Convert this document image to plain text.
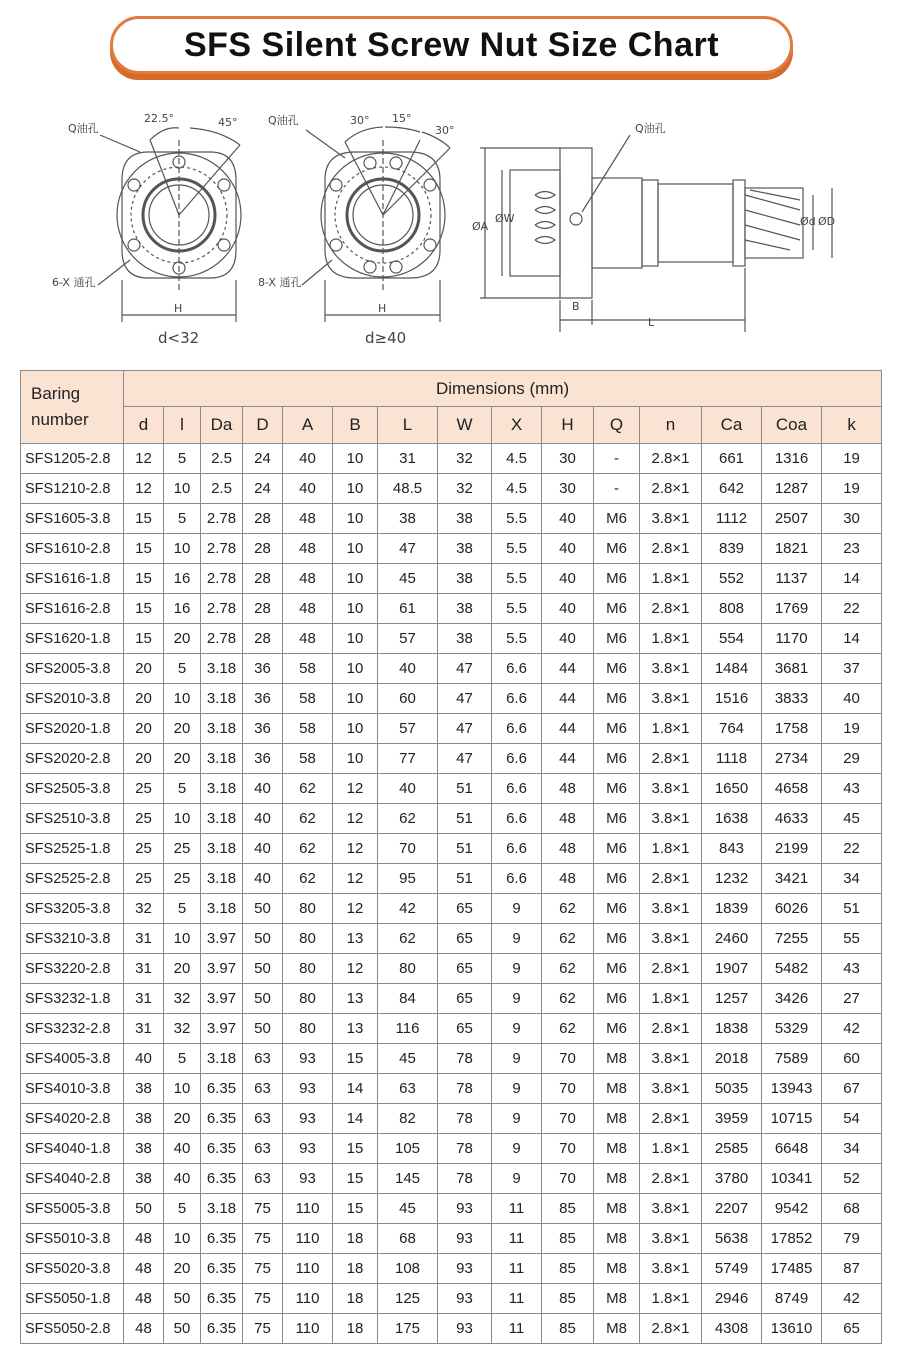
SFS Silent Screw Nut Size Chart
Q油孔
22.5°	45°
6-X 通孔
H
d<32
Q油孔	30° 15°
30°
8-X 通孔
H
d≥40
Q油孔
ØA
ØW	Ød ØD
B
L
Baring number	Dimensions (mm)														
	d	l	Da	D	A	B	L	W	X	H	Q	n	Ca	Coa	k
SFS1205-2.8	12	5	2.5	24	40	10	31	32	4.5	30	-	2.8×1	661	1316	19
SFS1210-2.8	12	10	2.5	24	40	10	48.5	32	4.5	30	-	2.8×1	642	1287	19
SFS1605-3.8	15	5	2.78	28	48	10	38	38	5.5	40	M6	3.8×1	1112	2507	30
SFS1610-2.8	15	10	2.78	28	48	10	47	38	5.5	40	M6	2.8×1	839	1821	23
SFS1616-1.8	15	16	2.78	28	48	10	45	38	5.5	40	M6	1.8×1	552	1137	14
SFS1616-2.8	15	16	2.78	28	48	10	61	38	5.5	40	M6	2.8×1	808	1769	22
SFS1620-1.8	15	20	2.78	28	48	10	57	38	5.5	40	M6	1.8×1	554	1170	14
SFS2005-3.8	20	5	3.18	36	58	10	40	47	6.6	44	M6	3.8×1	1484	3681	37
SFS2010-3.8	20	10	3.18	36	58	10	60	47	6.6	44	M6	3.8×1	1516	3833	40
SFS2020-1.8	20	20	3.18	36	58	10	57	47	6.6	44	M6	1.8×1	764	1758	19
SFS2020-2.8	20	20	3.18	36	58	10	77	47	6.6	44	M6	2.8×1	1118	2734	29
SFS2505-3.8	25	5	3.18	40	62	12	40	51	6.6	48	M6	3.8×1	1650	4658	43
SFS2510-3.8	25	10	3.18	40	62	12	62	51	6.6	48	M6	3.8×1	1638	4633	45
SFS2525-1.8	25	25	3.18	40	62	12	70	51	6.6	48	M6	1.8×1	843	2199	22
SFS2525-2.8	25	25	3.18	40	62	12	95	51	6.6	48	M6	2.8×1	1232	3421	34
SFS3205-3.8	32	5	3.18	50	80	12	42	65	9	62	M6	3.8×1	1839	6026	51
SFS3210-3.8	31	10	3.97	50	80	13	62	65	9	62	M6	3.8×1	2460	7255	55
SFS3220-2.8	31	20	3.97	50	80	12	80	65	9	62	M6	2.8×1	1907	5482	43
SFS3232-1.8	31	32	3.97	50	80	13	84	65	9	62	M6	1.8×1	1257	3426	27
SFS3232-2.8	31	32	3.97	50	80	13	116	65	9	62	M6	2.8×1	1838	5329	42
SFS4005-3.8	40	5	3.18	63	93	15	45	78	9	70	M8	3.8×1	2018	7589	60
SFS4010-3.8	38	10	6.35	63	93	14	63	78	9	70	M8	3.8×1	5035	13943	67
SFS4020-2.8	38	20	6.35	63	93	14	82	78	9	70	M8	2.8×1	3959	10715	54
SFS4040-1.8	38	40	6.35	63	93	15	105	78	9	70	M8	1.8×1	2585	6648	34
SFS4040-2.8	38	40	6.35	63	93	15	145	78	9	70	M8	2.8×1	3780	10341	52
SFS5005-3.8	50	5	3.18	75	110	15	45	93	11	85	M8	3.8×1	2207	9542	68
SFS5010-3.8	48	10	6.35	75	110	18	68	93	11	85	M8	3.8×1	5638	17852	79
SFS5020-3.8	48	20	6.35	75	110	18	108	93	11	85	M8	3.8×1	5749	17485	87
SFS5050-1.8	48	50	6.35	75	110	18	125	93	11	85	M8	1.8×1	2946	8749	42
SFS5050-2.8	48	50	6.35	75	110	18	175	93	11	85	M8	2.8×1	4308	13610	65
